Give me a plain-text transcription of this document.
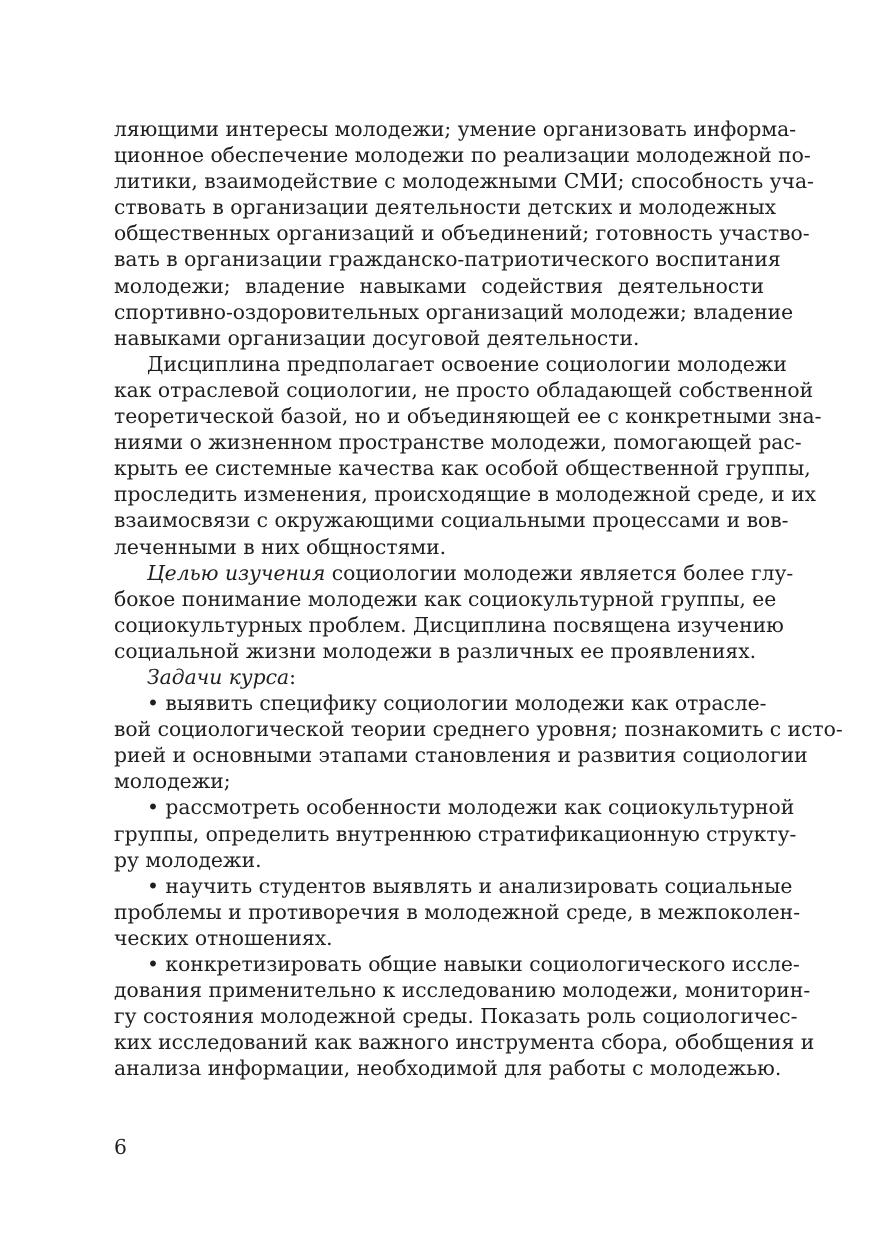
ляющими интересы молодежи; умение организовать информа-
ционное обеспечение молодежи по реализации молодежной по-
литики, взаимодействие с молодежными СМИ; способность уча-
ствовать в организации деятельности детских и молодежных
общественных организаций и объединений; готовность участво-
вать в организации гражданско-патриотического воспитания
молодежи; владение навыками содействия деятельности
спортивно-оздоровительных организаций молодежи; владение
навыками организации досуговой деятельности.
Дисциплина предполагает освоение социологии молодежи
как отраслевой социологии, не просто обладающей собственной
теоретической базой, но и объединяющей ее с конкретными зна-
ниями о жизненном пространстве молодежи, помогающей рас-
крыть ее системные качества как особой общественной группы,
проследить изменения, происходящие в молодежной среде, и их
взаимосвязи с окружающими социальными процессами и вов-
леченными в них общностями.
Целью изучения социологии молодежи является более глу-
бокое понимание молодежи как социокультурной группы, ее
социокультурных проблем. Дисциплина посвящена изучению
социальной жизни молодежи в различных ее проявлениях.
Задачи курса:
• выявить специфику социологии молодежи как отрасле-
вой социологической теории среднего уровня; познакомить с исто-
рией и основными этапами становления и развития социологии
молодежи;
• рассмотреть особенности молодежи как социокультурной
группы, определить внутреннюю стратификационную структу-
ру молодежи.
• научить студентов выявлять и анализировать социальные
проблемы и противоречия в молодежной среде, в межпоколен-
ческих отношениях.
• конкретизировать общие навыки социологического иссле-
дования применительно к исследованию молодежи, мониторин-
гу состояния молодежной среды. Показать роль социологичес-
ких исследований как важного инструмента сбора, обобщения и
анализа информации, необходимой для работы с молодежью.
6
